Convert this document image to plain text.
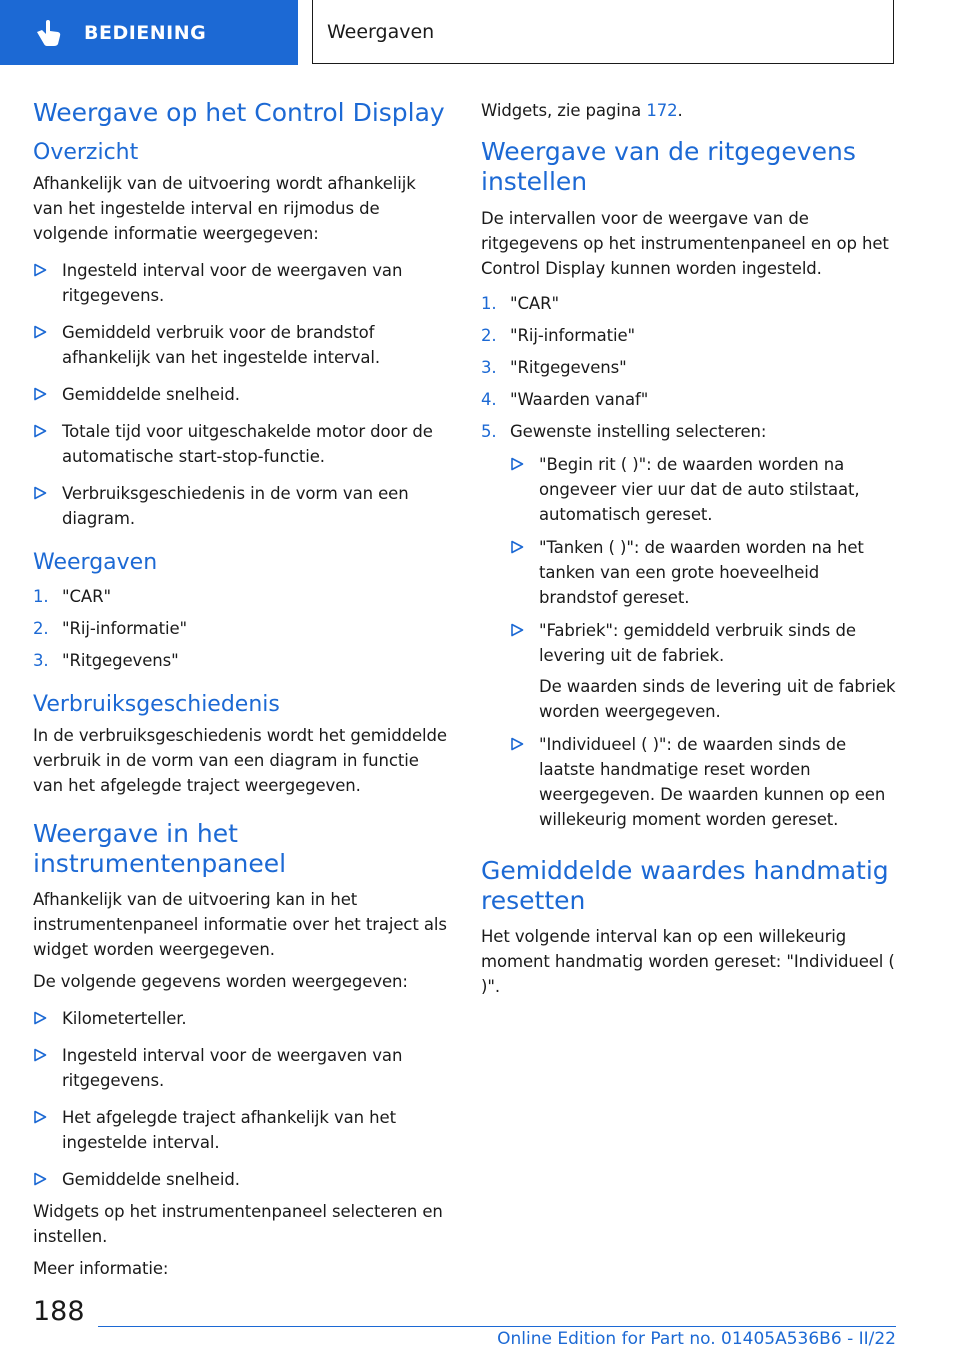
BEDIENING	Weergaven
Weergave op het Control Display
Overzicht

Afhankelijk van de uitvoering wordt afhankelijk van het ingestelde interval en rijmodus de volgende informatie weergegeven:

Ingesteld interval voor de weergaven van ritgegevens.
Gemiddeld verbruik voor de brandstof afhankelijk van het ingestelde interval.
Gemiddelde snelheid.
Totale tijd voor uitgeschakelde motor door de automatische start-stop-functie.
Verbruiksgeschiedenis in de vorm van een diagram.
Weergaven
1. "CAR"
2. "Rij-informatie"
3. "Ritgegevens"
Verbruiksgeschiedenis

In de verbruiksgeschiedenis wordt het gemiddelde verbruik in de vorm van een diagram in functie van het afgelegde traject weergegeven.

Weergave in het instrumentenpaneel

Afhankelijk van de uitvoering kan in het instrumentenpaneel informatie over het traject als widget worden weergegeven.

De volgende gegevens worden weergegeven:

Kilometerteller.
Ingesteld interval voor de weergaven van ritgegevens.
Het afgelegde traject afhankelijk van het ingestelde interval.
Gemiddelde snelheid.

Widgets op het instrumentenpaneel selecteren en instellen.

Meer informatie:

Widgets, zie pagina 172.

Weergave van de ritgegevens instellen

De intervallen voor de weergave van de ritgegevens op het instrumentenpaneel en op het Control Display kunnen worden ingesteld.

1. "CAR"
2. "Rij-informatie"
3. "Ritgegevens"
4. "Waarden vanaf"
5. Gewenste instelling selecteren:
"Begin rit ( )": de waarden worden na ongeveer vier uur dat de auto stilstaat, automatisch gereset.
"Tanken ( )": de waarden worden na het tanken van een grote hoeveelheid brandstof gereset.
"Fabriek": gemiddeld verbruik sinds de levering uit de fabriek.

De waarden sinds de levering uit de fabriek worden weergegeven.

"Individueel ( )": de waarden sinds de laatste handmatige reset worden weergegeven. De waarden kunnen op een willekeurig moment worden gereset.
Gemiddelde waardes handmatig resetten

Het volgende interval kan op een willekeurig moment handmatig worden gereset: "Individueel ( )".

188
Online Edition for Part no. 01405A536B6 - II/22
